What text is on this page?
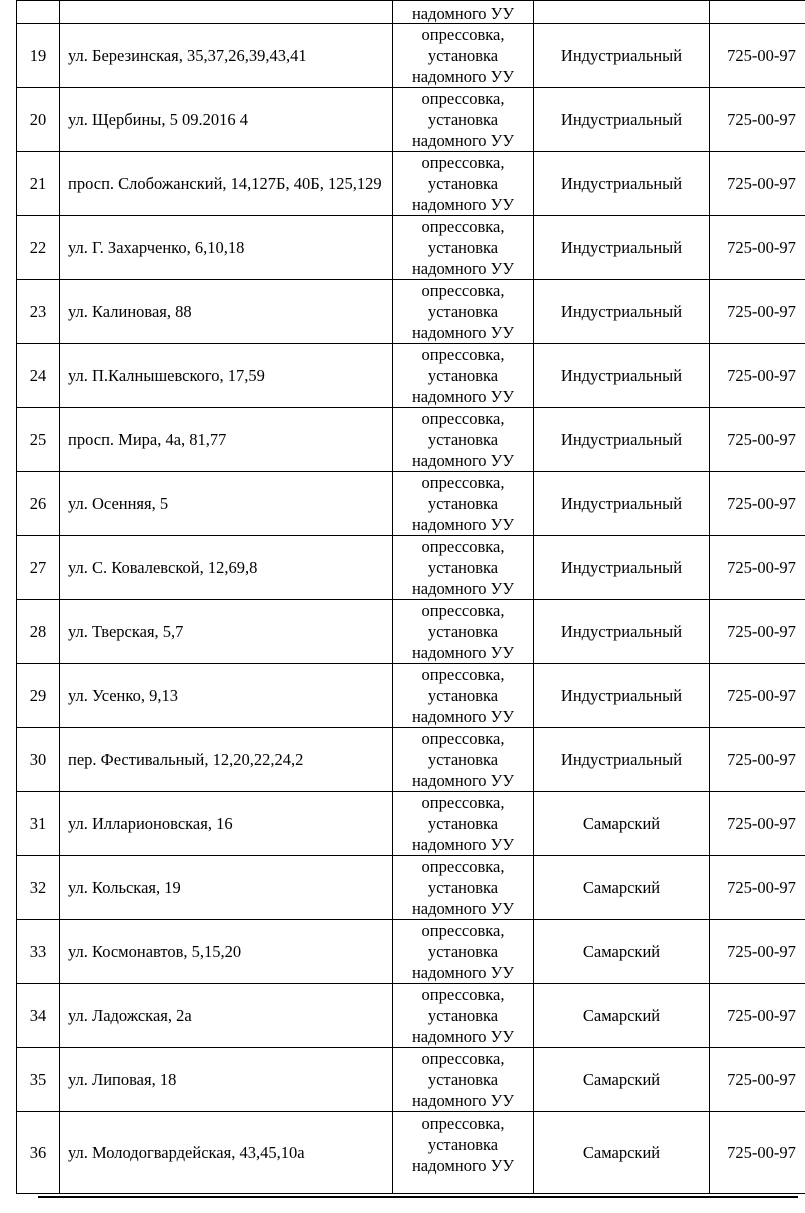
		надомного УУ		
19	ул. Березинская, 35,37,26,39,43,41	опрессовка,
установка
надомного УУ	Индустриальный	725-00-97
20	ул. Щербины, 5 09.2016 4	опрессовка,
установка
надомного УУ	Индустриальный	725-00-97
21	просп. Слобожанский, 14,127Б, 40Б, 125,129	опрессовка,
установка
надомного УУ	Индустриальный	725-00-97
22	ул. Г. Захарченко, 6,10,18	опрессовка,
установка
надомного УУ	Индустриальный	725-00-97
23	ул. Калиновая, 88	опрессовка,
установка
надомного УУ	Индустриальный	725-00-97
24	ул. П.Калнышевского, 17,59	опрессовка,
установка
надомного УУ	Индустриальный	725-00-97
25	просп. Мира, 4а, 81,77	опрессовка,
установка
надомного УУ	Индустриальный	725-00-97
26	ул. Осенняя, 5	опрессовка,
установка
надомного УУ	Индустриальный	725-00-97
27	ул. С. Ковалевской, 12,69,8	опрессовка,
установка
надомного УУ	Индустриальный	725-00-97
28	ул. Тверская, 5,7	опрессовка,
установка
надомного УУ	Индустриальный	725-00-97
29	ул. Усенко, 9,13	опрессовка,
установка
надомного УУ	Индустриальный	725-00-97
30	пер. Фестивальный, 12,20,22,24,2	опрессовка,
установка
надомного УУ	Индустриальный	725-00-97
31	ул. Илларионовская, 16	опрессовка,
установка
надомного УУ	Самарский	725-00-97
32	ул. Кольская, 19	опрессовка,
установка
надомного УУ	Самарский	725-00-97
33	ул. Космонавтов, 5,15,20	опрессовка,
установка
надомного УУ	Самарский	725-00-97
34	ул. Ладожская, 2а	опрессовка,
установка
надомного УУ	Самарский	725-00-97
35	ул. Липовая, 18	опрессовка,
установка
надомного УУ	Самарский	725-00-97
36	ул. Молодогвардейская, 43,45,10а	опрессовка,
установка
надомного УУ	Самарский	725-00-97
